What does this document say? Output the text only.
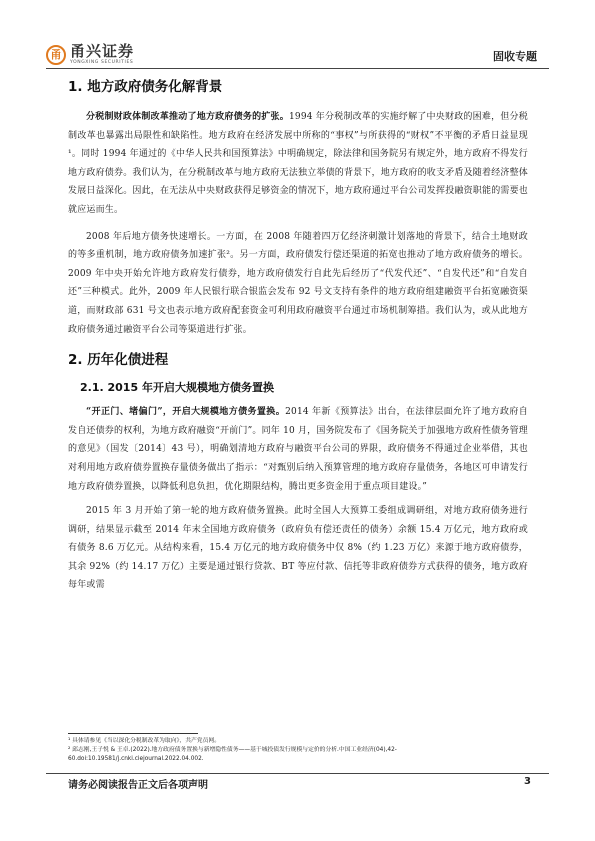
甬 甬兴证券
YONGXING SECURITIES	固收专题
1. 地方政府债务化解背景

分税制财政体制改革推动了地方政府债务的扩张。1994 年分税制改革的实施纾解了中央财政的困难，但分税制改革也暴露出局限性和缺陷性。地方政府在经济发展中所称的“事权”与所获得的“财权”不平衡的矛盾日益显现¹。同时 1994 年通过的《中华人民共和国预算法》中明确规定，除法律和国务院另有规定外，地方政府不得发行地方政府债券。我们认为，在分税制改革与地方政府无法独立举债的背景下，地方政府的收支矛盾及随着经济整体发展日益深化。因此，在无法从中央财政获得足够资金的情况下，地方政府通过平台公司发挥投融资职能的需要也就应运而生。

2008 年后地方债务快速增长。一方面，在 2008 年随着四万亿经济刺激计划落地的背景下，结合土地财政的等多重机制，地方政府债务加速扩张²。另一方面，政府债发行偿还渠道的拓宽也推动了地方政府债务的增长。2009 年中央开始允许地方政府发行债券，地方政府债发行自此先后经历了“代发代还”、“自发代还”和“自发自还”三种模式。此外，2009 年人民银行联合银监会发布 92 号文支持有条件的地方政府组建融资平台拓宽融资渠道，而财政部 631 号文也表示地方政府配套资金可利用政府融资平台通过市场机制筹措。我们认为，或从此地方政府债务通过融资平台公司等渠道进行扩张。

2. 历年化债进程
2.1. 2015 年开启大规模地方债务置换

“开正门、堵偏门”，开启大规模地方债务置换。2014 年新《预算法》出台，在法律层面允许了地方政府自发自还债券的权利，为地方政府融资“开前门”。同年 10 月，国务院发布了《国务院关于加强地方政府性债务管理的意见》（国发〔2014〕43 号），明确划清地方政府与融资平台公司的界限，政府债务不得通过企业举借，其也对利用地方政府债券置换存量债务做出了指示：“对甄别后纳入预算管理的地方政府存量债务，各地区可申请发行地方政府债券置换，以降低利息负担，优化期限结构，腾出更多资金用于重点项目建设。”

2015 年 3 月开始了第一轮的地方政府债务置换。此时全国人大预算工委组成调研组，对地方政府债务进行调研，结果显示截至 2014 年末全国地方政府债务（政府负有偿还责任的债务）余额 15.4 万亿元，地方政府或有债务 8.6 万亿元。从结构来看，15.4 万亿元的地方政府债务中仅 8%（约 1.23 万亿）来源于地方政府债券，其余 92%（约 14.17 万亿）主要是通过银行贷款、BT 等应付款、信托等非政府债券方式获得的债务，地方政府每年或需

¹ 具体请参见《当以深化分税制改革为取向》，共产党员网。
² 邱志刚,王子悦 & 王卓.(2022).地方政府债务置换与新增隐性债务——基于城投债发行规模与定价的分析.中国工业经济(04),42-60.doi:10.19581/j.cnki.ciejournal.2022.04.002.
请务必阅读报告正文后各项声明	3
